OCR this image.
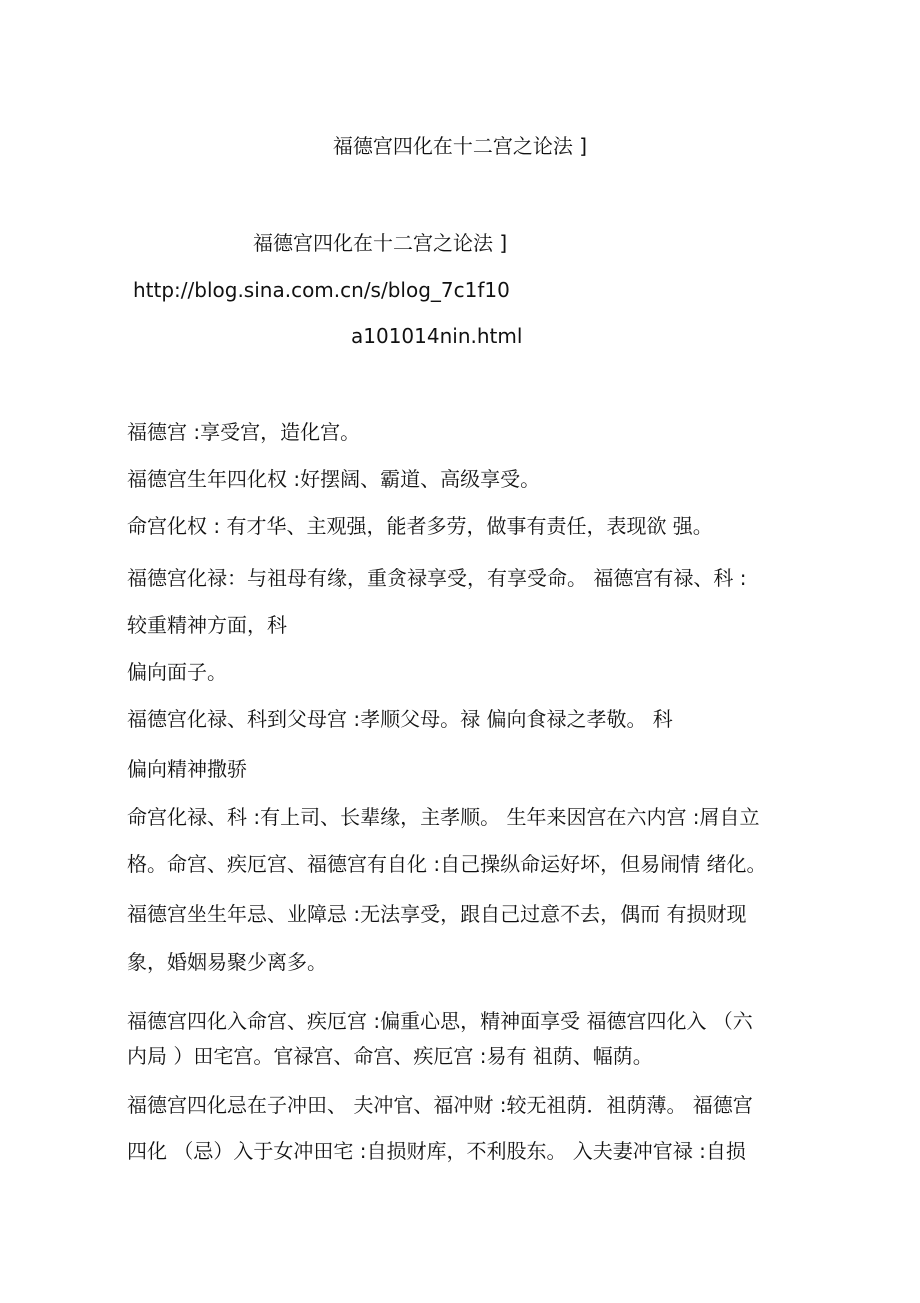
福德宫四化在十二宫之论法 ]
福德宫四化在十二宫之论法 ]
http://blog.sina.com.cn/s/blog_7c1f10
a101014nin.html
福德宫 :享受宫，造化宫。
福德宫生年四化权 :好摆阔、霸道、高级享受。
命宫化权 : 有才华、主观强，能者多劳，做事有责任，表现欲 强。
福德宫化禄：与祖母有缘，重贪禄享受，有享受命。 福德宫有禄、科 :
较重精神方面，科
偏向面子。
福德宫化禄、科到父母宫 :孝顺父母。禄 偏向食禄之孝敬。 科
偏向精神撒骄
命宫化禄、科 :有上司、长辈缘，主孝顺。 生年来因宫在六内宫 :屑自立
格。命宫、疾厄宫、福德宫有自化 :自己操纵命运好坏，但易闹情 绪化。
福德宫坐生年忌、业障忌 :无法享受，跟自己过意不去，偶而 有损财现
象，婚姻易聚少离多。
福德宫四化入命宫、疾厄宫 :偏重心思，精神面享受 福德宫四化入 （六
内局 ）田宅宫。官禄宫、命宫、疾厄宫 :易有 祖荫、幅荫。
福德宫四化忌在子冲田、 夫冲官、福冲财 :较无祖荫．祖荫薄。 福德宫
四化 （忌）入于女冲田宅 :自损财库，不利股东。 入夫妻冲官禄 :自损
